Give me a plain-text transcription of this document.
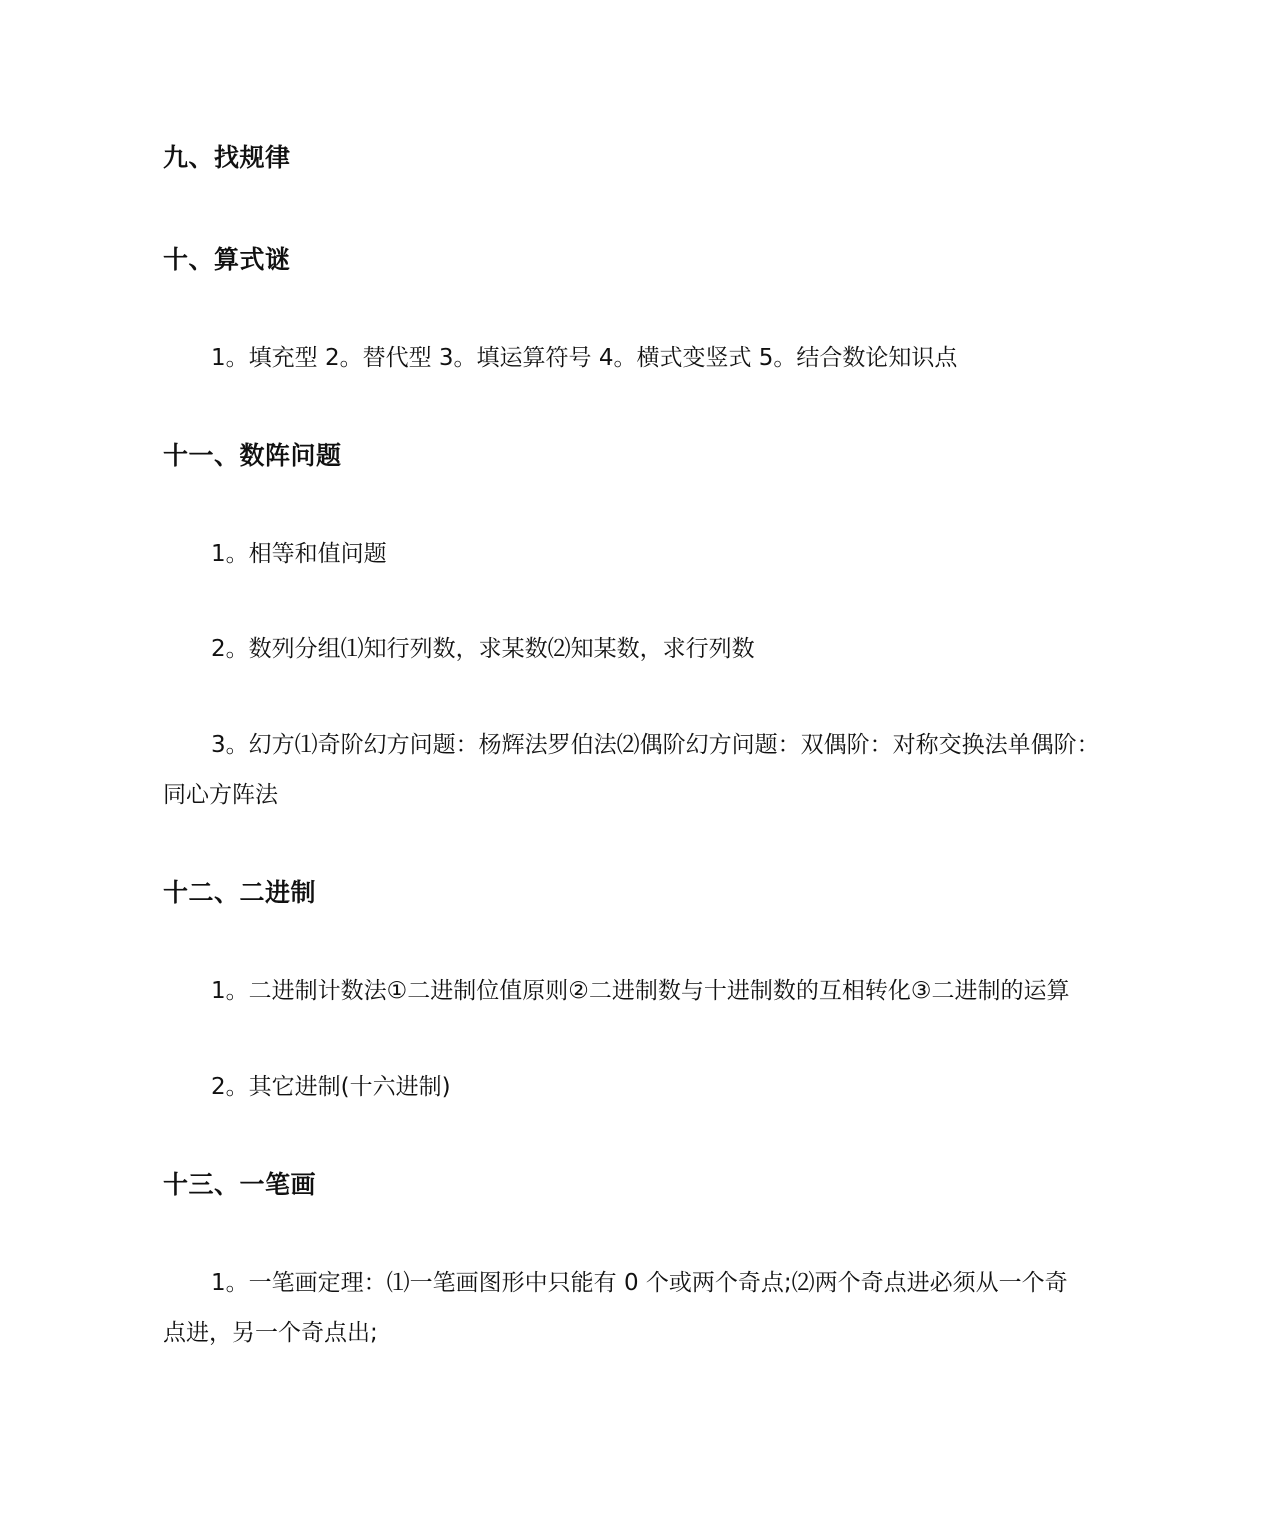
九、找规律
十、算式谜
1。填充型 2。替代型 3。填运算符号 4。横式变竖式 5。结合数论知识点
十一、数阵问题
1。相等和值问题
2。数列分组⑴知行列数，求某数⑵知某数，求行列数
3。幻方⑴奇阶幻方问题：杨辉法罗伯法⑵偶阶幻方问题：双偶阶：对称交换法单偶阶：
同心方阵法
十二、二进制
1。二进制计数法①二进制位值原则②二进制数与十进制数的互相转化③二进制的运算
2。其它进制(十六进制)
十三、一笔画
1。一笔画定理：⑴一笔画图形中只能有 0 个或两个奇点;⑵两个奇点进必须从一个奇
点进，另一个奇点出;
